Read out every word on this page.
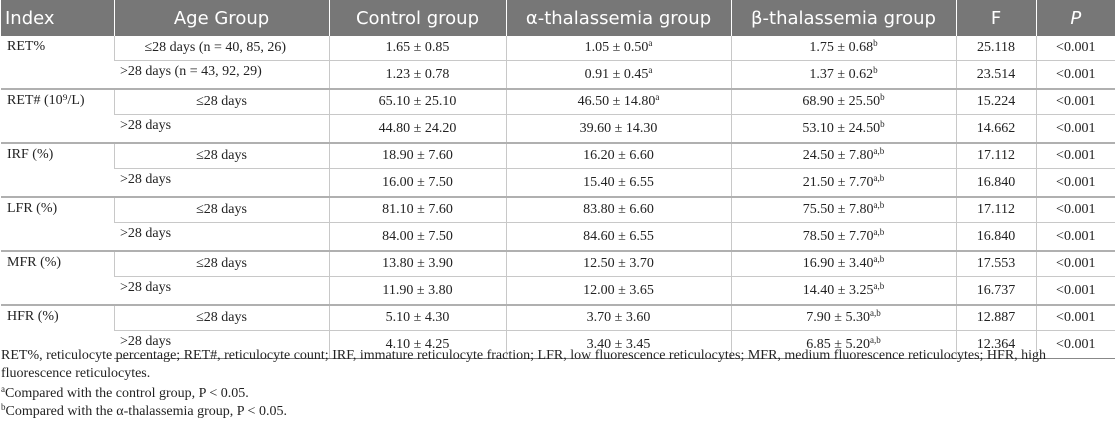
Index	Age Group	Control group	α-thalassemia group	β-thalassemia group	F	P
RET%	≤28 days (n = 40, 85, 26)	1.65 ± 0.85	1.05 ± 0.50$^a$	1.75 ± 0.68$^b$	25.118	<0.001
	>28 days (n = 43, 92, 29)	1.23 ± 0.78	0.91 ± 0.45$^a$	1.37 ± 0.62$^b$	23.514	<0.001
RET# (10⁹/L)	≤28 days	65.10 ± 25.10	46.50 ± 14.80$^a$	68.90 ± 25.50$^b$	15.224	<0.001
	>28 days	44.80 ± 24.20	39.60 ± 14.30	53.10 ± 24.50$^b$	14.662	<0.001
IRF (%)	≤28 days	18.90 ± 7.60	16.20 ± 6.60	$24.50 \pm 7.80^{a,b}$	17.112	<0.001
	>28 days	16.00 ± 7.50	15.40 ± 6.55	$21.50 \pm 7.70^{a,b}$	16.840	<0.001
LFR (%)	≤28 days	81.10 ± 7.60	83.80 ± 6.60	$75.50 \pm 7.80^{a,b}$	17.112	<0.001
	>28 days	84.00 ± 7.50	84.60 ± 6.55	$78.50 \pm 7.70^{a,b}$	16.840	<0.001
MFR (%)	≤28 days	13.80 ± 3.90	12.50 ± 3.70	$16.90 \pm 3.40^{a,b}$	17.553	<0.001
	>28 days	11.90 ± 3.80	12.00 ± 3.65	$14.40 \pm 3.25^{a,b}$	16.737	<0.001
HFR (%)	≤28 days	5.10 ± 4.30	3.70 ± 3.60	$7.90 \pm 5.30^{a,b}$	12.887	<0.001
	>28 days	4.10 ± 4.25	3.40 ± 3.45	$6.85 \pm 5.20^{a,b}$	12.364	<0.001

RET%, reticulocyte percentage; RET#, reticulocyte count; IRF, immature reticulocyte fraction; LFR, low fluorescence reticulocytes; MFR, medium fluorescence reticulocytes; HFR, high fluorescence reticulocytes.

$^a$Compared with the control group, P < 0.05.

$^b$Compared with the α-thalassemia group, P < 0.05.
